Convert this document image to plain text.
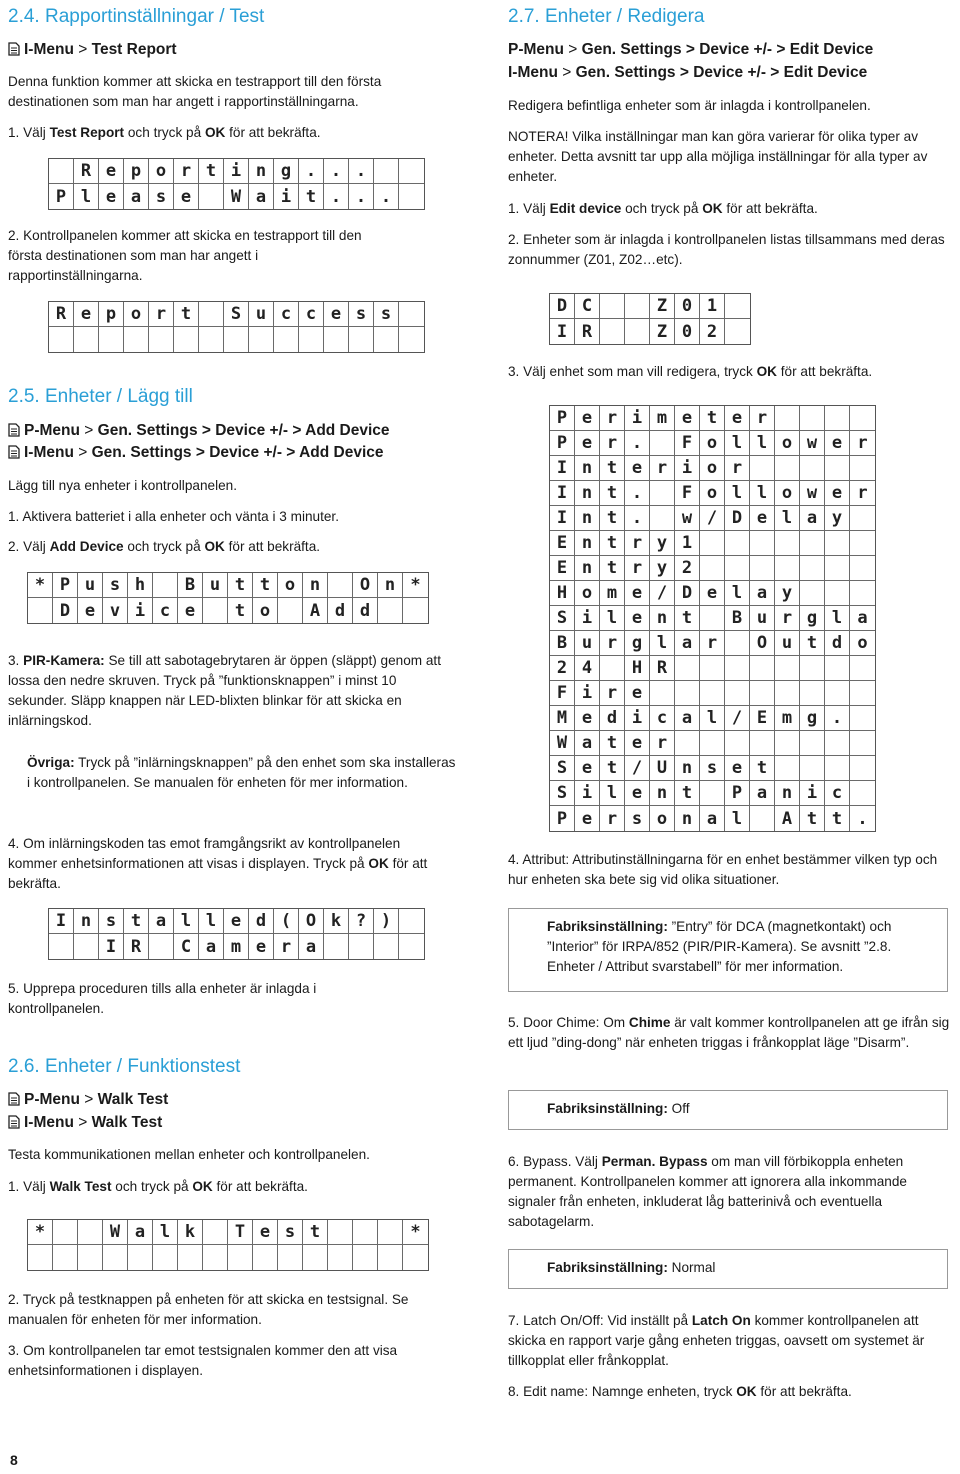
2.4. Rapportinställningar / Test
I-Menu > Test Report

Denna funktion kommer att skicka en testrapport till den första destinationen som man har angett i rapportinställningarna.

1. Välj Test Report och tryck på OK för att bekräfta.

R e p o r t i n g . . .
P l e a s e	W a i t . . .

2. Kontrollpanelen kommer att skicka en testrapport till den första destinationen som man har angett i rapportinställningarna.

R e p o r t	S u c c e s s
2.5. Enheter / Lägg till
P-Menu > Gen. Settings > Device +/- > Add Device
I-Menu > Gen. Settings > Device +/- > Add Device

Lägg till nya enheter i kontrollpanelen.

1. Aktivera batteriet i alla enheter och vänta i 3 minuter.

2. Välj Add Device och tryck på OK för att bekräfta.

* P u s h	B u t t o n	O n *
D e v i c e	t o	A d d

3. PIR-Kamera: Se till att sabotagebrytaren är öppen (släppt) genom att lossa den nedre skruven. Tryck på ”funktionsknappen” i minst 10 sekunder. Släpp knappen när LED-blixten blinkar för att skicka en inlärningskod.

Övriga: Tryck på ”inlärningsknappen” på den enhet som ska installeras i kontrollpanelen. Se manualen för enheten för mer information.

4. Om inlärningskoden tas emot framgångsrikt av kontrollpanelen kommer enhetsinformationen att visas i displayen. Tryck på OK för att bekräfta.

I n s t a l l e d ( O k ? )
I R	C a m e r a

5. Upprepa proceduren tills alla enheter är inlagda i kontrollpanelen.

2.6. Enheter / Funktionstest
P-Menu > Walk Test
I-Menu > Walk Test

Testa kommunikationen mellan enheter och kontrollpanelen.

1. Välj Walk Test och tryck på OK för att bekräfta.

*	W a l k	T e s t	*

2. Tryck på testknappen på enheten för att skicka en testsignal. Se manualen för enheten för mer information.

3. Om kontrollpanelen tar emot testsignalen kommer den att visa enhetsinformationen i displayen.

2.7. Enheter / Redigera
P-Menu > Gen. Settings > Device +/- > Edit Device
I-Menu > Gen. Settings > Device +/- > Edit Device

Redigera befintliga enheter som är inlagda i kontrollpanelen.

NOTERA! Vilka inställningar man kan göra varierar för olika typer av enheter. Detta avsnitt tar upp alla möjliga inställningar för alla typer av enheter.

1. Välj Edit device och tryck på OK för att bekräfta.

2. Enheter som är inlagda i kontrollpanelen listas tillsammans med deras zonnummer (Z01, Z02…etc).

D C	Z 0 1
I R	Z 0 2

3. Välj enhet som man vill redigera, tryck OK för att bekräfta.

P e r i m e t e r
P e r .	F o l l o w e r
I n t e r i o r
I n t .	F o l l o w e r
I n t .	w / D e l a y
E n t r y 1
E n t r y 2
H o m e / D e l a y
S i l e n t	B u r g l a
B u r g l a r	O u t d o
2 4	H R
F i r e
M e d i c a l / E m g .
W a t e r
S e t / U n s e t
S i l e n t	P a n i c
P e r s o n a l	A t t .

4. Attribut: Attributinställningarna för en enhet bestämmer vilken typ och hur enheten ska bete sig vid olika situationer.

Fabriksinställning: ”Entry” för DCA (magnetkontakt) och ”Interior” för IRPA/852 (PIR/PIR-Kamera). Se avsnitt ”2.8. Enheter / Attribut svarstabell” för mer information.

5. Door Chime: Om Chime är valt kommer kontrollpanelen att ge ifrån sig ett ljud ”ding-dong” när enheten triggas i frånkopplat läge ”Disarm”.

Fabriksinställning: Off

6. Bypass. Välj Perman. Bypass om man vill förbikoppla enheten permanent. Kontrollpanelen kommer att ignorera alla inkommande signaler från enheten, inkluderat låg batterinivå och eventuella sabotagelarm.

Fabriksinställning: Normal

7. Latch On/Off: Vid inställt på Latch On kommer kontrollpanelen att skicka en rapport varje gång enheten triggas, oavsett om systemet är tillkopplat eller frånkopplat.

8. Edit name: Namnge enheten, tryck OK för att bekräfta.

8
